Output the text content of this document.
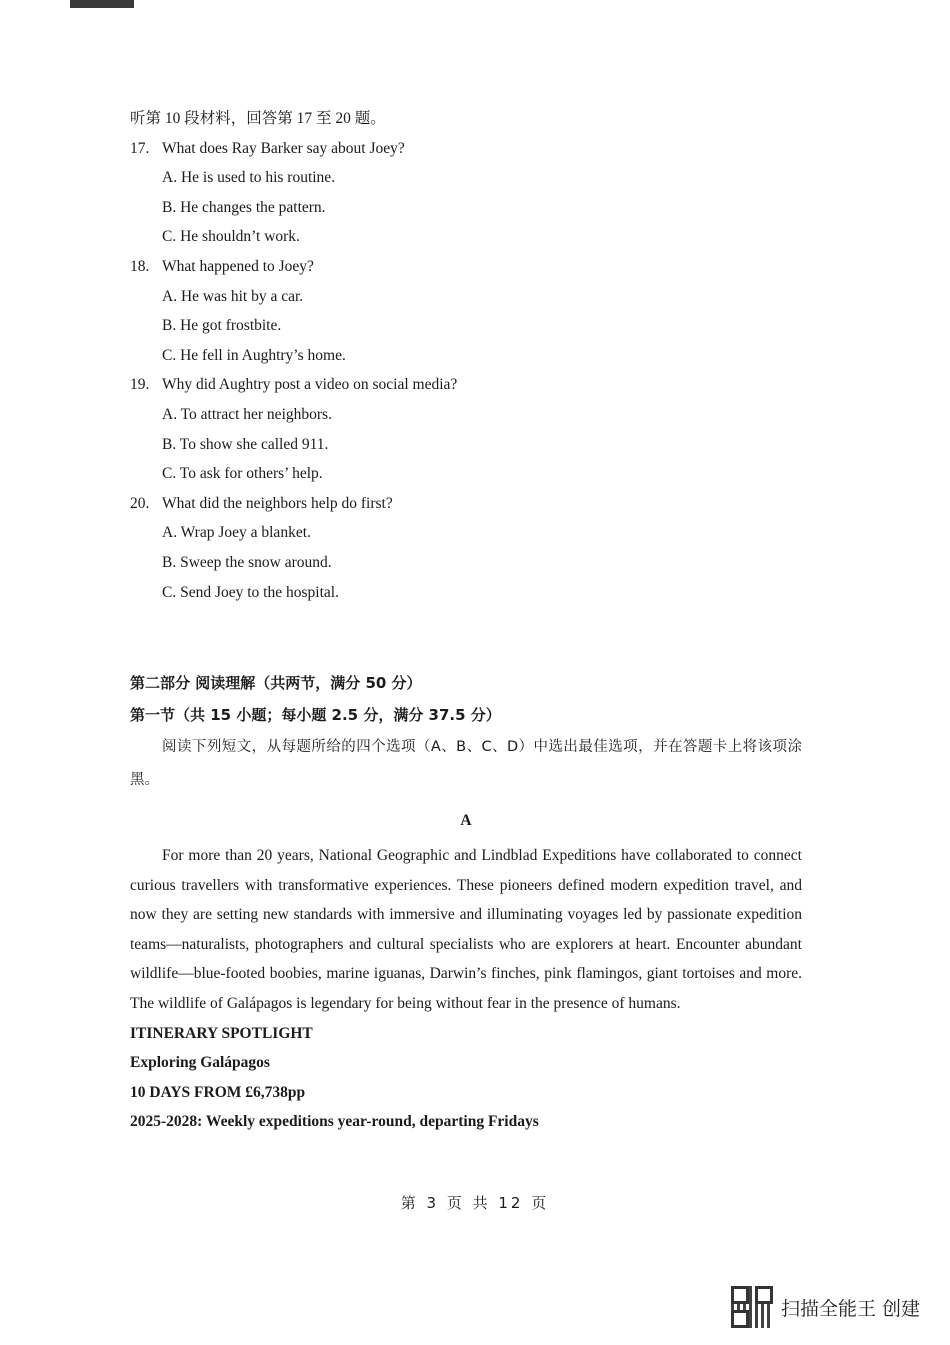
听第 10 段材料，回答第 17 至 20 题。
17. What does Ray Barker say about Joey?
A. He is used to his routine.
B. He changes the pattern.
C. He shouldn’t work.
18. What happened to Joey?
A. He was hit by a car.
B. He got frostbite.
C. He fell in Aughtry’s home.
19. Why did Aughtry post a video on social media?
A. To attract her neighbors.
B. To show she called 911.
C. To ask for others’ help.
20. What did the neighbors help do first?
A. Wrap Joey a blanket.
B. Sweep the snow around.
C. Send Joey to the hospital.
第二部分 阅读理解（共两节，满分 50 分）
第一节（共 15 小题；每小题 2.5 分，满分 37.5 分）
阅读下列短文，从每题所给的四个选项（A、B、C、D）中选出最佳选项，并在答题卡上将该项涂黑。
A
For more than 20 years, National Geographic and Lindblad Expeditions have collaborated to connect curious travellers with transformative experiences. These pioneers defined modern expedition travel, and now they are setting new standards with immersive and illuminating voyages led by passionate expedition teams—naturalists, photographers and cultural specialists who are explorers at heart. Encounter abundant wildlife—blue-footed boobies, marine iguanas, Darwin’s finches, pink flamingos, giant tortoises and more. The wildlife of Galápagos is legendary for being without fear in the presence of humans.
ITINERARY SPOTLIGHT
Exploring Galápagos
10 DAYS FROM £6,738pp
2025-2028: Weekly expeditions year-round, departing Fridays
第 3 页 共 12 页
扫描全能王 创建
